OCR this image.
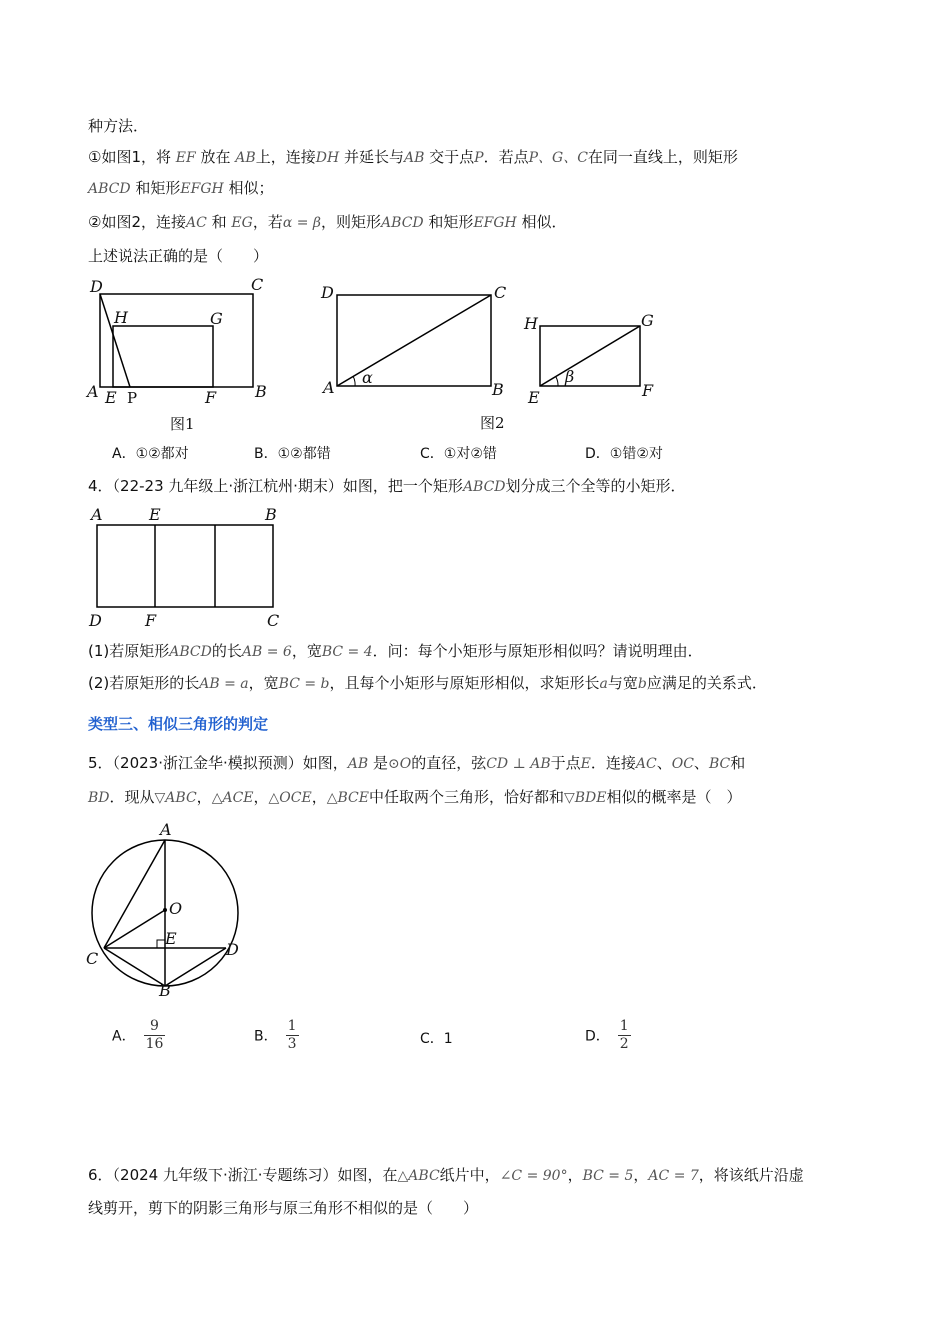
种方法．
①如图1，将 EF 放在 AB上，连接DH 并延长与AB 交于点P．若点P、G、C在同一直线上，则矩形
ABCD 和矩形EFGH 相似；
②如图2，连接AC 和 EG，若α = β，则矩形ABCD 和矩形EFGH 相似．
上述说法正确的是（　　）
D	C
H	G
A E P	F B
图1
D	C
A	B
α
H	G
E	F
β
图2
A．①②都对	B．①②都错	C．①对②错	D．①错②对
4．（22-23 九年级上·浙江杭州·期末）如图，把一个矩形ABCD划分成三个全等的小矩形．
A	E	B
D	F	C
(1)若原矩形ABCD的长AB = 6，宽BC = 4．问：每个小矩形与原矩形相似吗？请说明理由．
(2)若原矩形的长AB = a，宽BC = b，且每个小矩形与原矩形相似，求矩形长a与宽b应满足的关系式．
类型三、相似三角形的判定
5．（2023·浙江金华·模拟预测）如图，AB 是⊙O的直径，弦CD ⊥ AB于点E．连接AC、OC、BC和
BD．现从▽ABC，△ACE，△OCE，△BCE中任取两个三角形，恰好都和▽BDE相似的概率是（　）
A
O
E
C	D
B
A． $\frac{9}{16}$	B． $\frac{1}{3}$	C．1	D． $\frac{1}{2}$
6．（2024 九年级下·浙江·专题练习）如图，在△ABC纸片中，∠C = 90°，BC = 5，AC = 7，将该纸片沿虚
线剪开，剪下的阴影三角形与原三角形不相似的是（　　）
